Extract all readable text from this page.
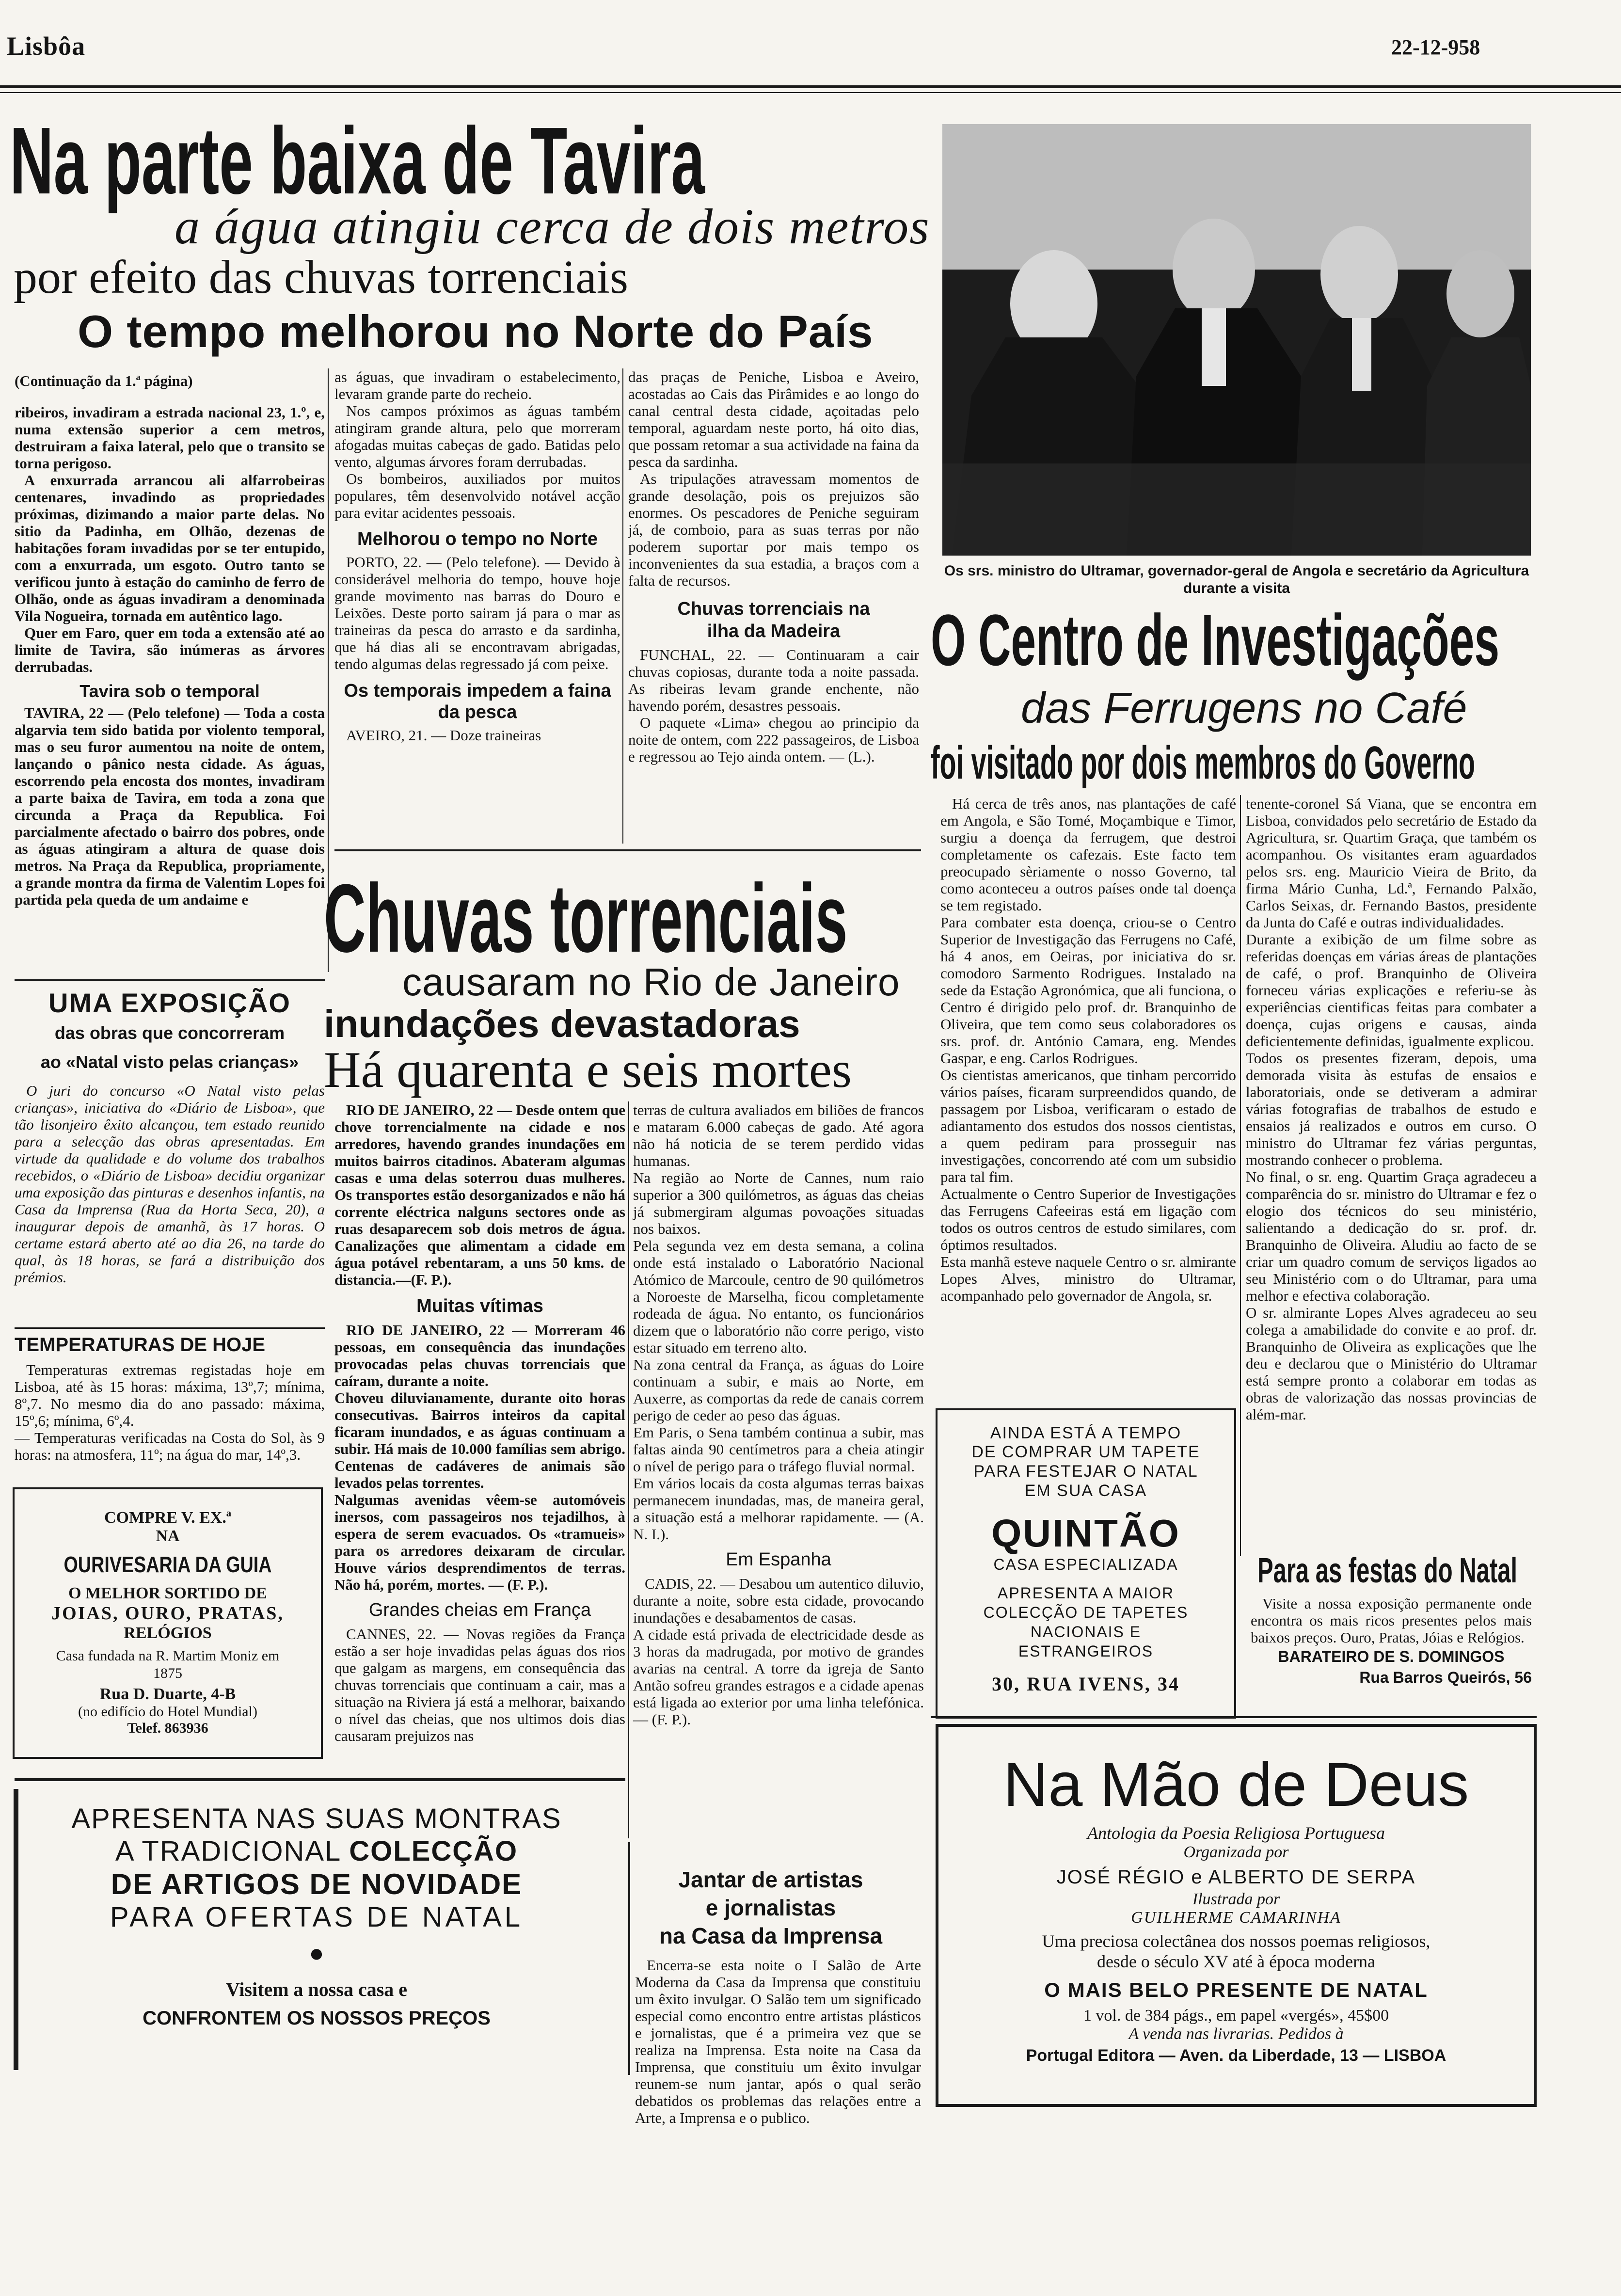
Lisbôa	22-12-958
Na parte baixa de Tavira
a água atingiu cerca de dois metros
por efeito das chuvas torrenciais
O tempo melhorou no Norte do País

(Continuação da 1.ª página)

ribeiros, invadiram a estrada nacional 23, 1.º, e, numa extensão superior a cem metros, destruiram a faixa lateral, pelo que o transito se torna perigoso.

A enxurrada arrancou ali alfarrobeiras centenares, invadindo as propriedades próximas, dizimando a maior parte delas. No sitio da Padinha, em Olhão, dezenas de habitações foram invadidas por se ter entupido, com a enxurrada, um esgoto. Outro tanto se verificou junto à estação do caminho de ferro de Olhão, onde as águas invadiram a denominada Vila Nogueira, tornada em autêntico lago.

Quer em Faro, quer em toda a extensão até ao limite de Tavira, são inúmeras as árvores derrubadas.

Tavira sob o temporal

TAVIRA, 22 — (Pelo telefone) — Toda a costa algarvia tem sido batida por violento temporal, mas o seu furor aumentou na noite de ontem, lançando o pânico nesta cidade. As águas, escorrendo pela encosta dos montes, invadiram a parte baixa de Tavira, em toda a zona que circunda a Praça da Republica. Foi parcialmente afectado o bairro dos pobres, onde as águas atingiram a altura de quase dois metros. Na Praça da Republica, propriamente, a grande montra da firma de Valentim Lopes foi partida pela queda de um andaime e

as águas, que invadiram o estabelecimento, levaram grande parte do recheio.

Nos campos próximos as águas também atingiram grande altura, pelo que morreram afogadas muitas cabeças de gado. Batidas pelo vento, algumas árvores foram derrubadas.

Os bombeiros, auxiliados por muitos populares, têm desenvolvido notável acção para evitar acidentes pessoais.

Melhorou o tempo no Norte

PORTO, 22. — (Pelo telefone). — Devido à considerável melhoria do tempo, houve hoje grande movimento nas barras do Douro e Leixões. Deste porto sairam já para o mar as traineiras da pesca do arrasto e da sardinha, que há dias ali se encontravam abrigadas, tendo algumas delas regressado já com peixe.

Os temporais impedem a faina da pesca

AVEIRO, 21. — Doze traineiras

das praças de Peniche, Lisboa e Aveiro, acostadas ao Cais das Pirâmides e ao longo do canal central desta cidade, açoitadas pelo temporal, aguardam neste porto, há oito dias, que possam retomar a sua actividade na faina da pesca da sardinha.

As tripulações atravessam momentos de grande desolação, pois os prejuizos são enormes. Os pescadores de Peniche seguiram já, de comboio, para as suas terras por não poderem suportar por mais tempo os inconvenientes da sua estadia, a braços com a falta de recursos.

Chuvas torrenciais na ilha da Madeira

FUNCHAL, 22. — Continuaram a cair chuvas copiosas, durante toda a noite passada. As ribeiras levam grande enchente, não havendo porém, desastres pessoais.

O paquete «Lima» chegou ao principio da noite de ontem, com 222 passageiros, de Lisboa e regressou ao Tejo ainda ontem. — (L.).

Os srs. ministro do Ultramar, governador-geral de Angola e secretário da Agricultura durante a visita
O Centro de Investigações
das Ferrugens no Café
foi visitado por dois membros do Governo

Há cerca de três anos, nas plantações de café em Angola, e São Tomé, Moçambique e Timor, surgiu a doença da ferrugem, que destroi completamente os cafezais. Este facto tem preocupado sèriamente o nosso Governo, tal como aconteceu a outros países onde tal doença se tem registado.
Para combater esta doença, criou-se o Centro Superior de Investigação das Ferrugens no Café, há 4 anos, em Oeiras, por iniciativa do sr. comodoro Sarmento Rodrigues. Instalado na sede da Estação Agronómica, que ali funciona, o Centro é dirigido pelo prof. dr. Branquinho de Oliveira, que tem como seus colaboradores os srs. prof. dr. António Camara, eng. Mendes Gaspar, e eng. Carlos Rodrigues.
Os cientistas americanos, que tinham percorrido vários países, ficaram surpreendidos quando, de passagem por Lisboa, verificaram o estado de adiantamento dos estudos dos nossos cientistas, a quem pediram para prosseguir nas investigações, concorrendo até com um subsidio para tal fim.
Actualmente o Centro Superior de Investigações das Ferrugens Cafeeiras está em ligação com todos os outros centros de estudo similares, com óptimos resultados.
Esta manhã esteve naquele Centro o sr. almirante Lopes Alves, ministro do Ultramar, acompanhado pelo governador de Angola, sr.

tenente-coronel Sá Viana, que se encontra em Lisboa, convidados pelo secretário de Estado da Agricultura, sr. Quartim Graça, que também os acompanhou. Os visitantes eram aguardados pelos srs. eng. Mauricio Vieira de Brito, da firma Mário Cunha, Ld.ª, Fernando Palxão, Carlos Seixas, dr. Fernando Bastos, presidente da Junta do Café e outras individualidades.
Durante a exibição de um filme sobre as referidas doenças em várias áreas de plantações de café, o prof. Branquinho de Oliveira forneceu várias explicações e referiu-se às experiências cientificas feitas para combater a doença, cujas origens e causas, ainda deficientemente definidas, igualmente explicou.
Todos os presentes fizeram, depois, uma demorada visita às estufas de ensaios e laboratoriais, onde se detiveram a admirar várias fotografias de trabalhos de estudo e ensaios já realizados e outros em curso. O ministro do Ultramar fez várias perguntas, mostrando conhecer o problema.
No final, o sr. eng. Quartim Graça agradeceu a comparência do sr. ministro do Ultramar e fez o elogio dos técnicos do seu ministério, salientando a dedicação do sr. prof. dr. Branquinho de Oliveira. Aludiu ao facto de se criar um quadro comum de serviços ligados ao seu Ministério com o do Ultramar, para uma melhor e efectiva colaboração.
O sr. almirante Lopes Alves agradeceu ao seu colega a amabilidade do convite e ao prof. dr. Branquinho de Oliveira as explicações que lhe deu e declarou que o Ministério do Ultramar está sempre pronto a colaborar em todas as obras de valorização das nossas provincias de além-mar.

UMA EXPOSIÇÃO
das obras que concorreram
ao «Natal visto pelas crianças»

O juri do concurso «O Natal visto pelas crianças», iniciativa do «Diário de Lisboa», que tão lisonjeiro êxito alcançou, tem estado reunido para a selecção das obras apresentadas. Em virtude da qualidade e do volume dos trabalhos recebidos, o «Diário de Lisboa» decidiu organizar uma exposição das pinturas e desenhos infantis, na Casa da Imprensa (Rua da Horta Seca, 20), a inaugurar depois de amanhã, às 17 horas. O certame estará aberto até ao dia 26, na tarde do qual, às 18 horas, se fará a distribuição dos prémios.

TEMPERATURAS DE HOJE

Temperaturas extremas registadas hoje em Lisboa, até às 15 horas: máxima, 13º,7; mínima, 8º,7. No mesmo dia do ano passado: máxima, 15º,6; mínima, 6º,4.
— Temperaturas verificadas na Costa do Sol, às 9 horas: na atmosfera, 11º; na água do mar, 14º,3.

COMPRE V. EX.ª
NA
OURIVESARIA DA GUIA
O MELHOR SORTIDO DE
JOIAS, OURO, PRATAS,
RELÓGIOS
Casa fundada na R. Martim Moniz em 1875
Rua D. Duarte, 4-B
(no edifício do Hotel Mundial)
Telef. 863936
Chuvas torrenciais
causaram no Rio de Janeiro
inundações devastadoras
Há quarenta e seis mortes

RIO DE JANEIRO, 22 — Desde ontem que chove torrencialmente na cidade e nos arredores, havendo grandes inundações em muitos bairros citadinos. Abateram algumas casas e uma delas soterrou duas mulheres. Os transportes estão desorganizados e não há corrente eléctrica nalguns sectores onde as ruas desaparecem sob dois metros de água. Canalizações que alimentam a cidade em água potável rebentaram, a uns 50 kms. de distancia.—(F. P.).

Muitas vítimas

RIO DE JANEIRO, 22 — Morreram 46 pessoas, em consequência das inundações provocadas pelas chuvas torrenciais que caíram, durante a noite.
Choveu diluvianamente, durante oito horas consecutivas. Bairros inteiros da capital ficaram inundados, e as águas continuam a subir. Há mais de 10.000 famílias sem abrigo. Centenas de cadáveres de animais são levados pelas torrentes.
Nalgumas avenidas vêem-se automóveis inersos, com passageiros nos tejadilhos, à espera de serem evacuados. Os «tramueis» para os arredores deixaram de circular. Houve vários desprendimentos de terras. Não há, porém, mortes. — (F. P.).

Grandes cheias em França

CANNES, 22. — Novas regiões da França estão a ser hoje invadidas pelas águas dos rios que galgam as margens, em consequência das chuvas torrenciais que continuam a cair, mas a situação na Riviera já está a melhorar, baixando o nível das cheias, que nos ultimos dois dias causaram prejuizos nas

terras de cultura avaliados em biliões de francos e mataram 6.000 cabeças de gado. Até agora não há noticia de se terem perdido vidas humanas.
Na região ao Norte de Cannes, num raio superior a 300 quilómetros, as águas das cheias já submergiram algumas povoações situadas nos baixos.
Pela segunda vez em desta semana, a colina onde está instalado o Laboratório Nacional Atómico de Marcoule, centro de 90 quilómetros a Noroeste de Marselha, ficou completamente rodeada de água. No entanto, os funcionários dizem que o laboratório não corre perigo, visto estar situado em terreno alto.
Na zona central da França, as águas do Loire continuam a subir, e mais ao Norte, em Auxerre, as comportas da rede de canais correm perigo de ceder ao peso das águas.
Em Paris, o Sena também continua a subir, mas faltas ainda 90 centímetros para a cheia atingir o nível de perigo para o tráfego fluvial normal.
Em vários locais da costa algumas terras baixas permanecem inundadas, mas, de maneira geral, a situação está a melhorar rapidamente. — (A. N. I.).

Em Espanha

CADIS, 22. — Desabou um autentico diluvio, durante a noite, sobre esta cidade, provocando inundações e desabamentos de casas.
A cidade está privada de electricidade desde as 3 horas da madrugada, por motivo de grandes avarias na central. A torre da igreja de Santo Antão sofreu grandes estragos e a cidade apenas está ligada ao exterior por uma linha telefónica. — (F. P.).

AINDA ESTÁ A TEMPO
DE COMPRAR UM TAPETE
PARA FESTEJAR O NATAL EM SUA CASA
QUINTÃO
CASA ESPECIALIZADA
APRESENTA A MAIOR COLECÇÃO DE TAPETES NACIONAIS E ESTRANGEIROS
30, RUA IVENS, 34
Para as festas do Natal

Visite a nossa exposição permanente onde encontra os mais ricos presentes pelos mais baixos preços. Ouro, Pratas, Jóias e Relógios.

BARATEIRO DE S. DOMINGOS

Rua Barros Queirós, 56

APRESENTA NAS SUAS MONTRAS
A TRADICIONAL COLECÇÃO
DE ARTIGOS DE NOVIDADE
PARA OFERTAS DE NATAL
●
Visitem a nossa casa e
CONFRONTEM OS NOSSOS PREÇOS
Jantar de artistas
e jornalistas
na Casa da Imprensa

Encerra-se esta noite o I Salão de Arte Moderna da Casa da Imprensa que constituiu um êxito invulgar. O Salão tem um significado especial como encontro entre artistas plásticos e jornalistas, que é a primeira vez que se realiza na Imprensa. Esta noite na Casa da Imprensa, que constituiu um êxito invulgar reunem-se num jantar, após o qual serão debatidos os problemas das relações entre a Arte, a Imprensa e o publico.

Na Mão de Deus
Antologia da Poesia Religiosa Portuguesa
Organizada por
JOSÉ RÉGIO e ALBERTO DE SERPA
Ilustrada por
GUILHERME CAMARINHA
Uma preciosa colectânea dos nossos poemas religiosos,
desde o século XV até à época moderna
O MAIS BELO PRESENTE DE NATAL
1 vol. de 384 págs., em papel «vergés», 45$00
A venda nas livrarias. Pedidos à
Portugal Editora — Aven. da Liberdade, 13 — LISBOA
